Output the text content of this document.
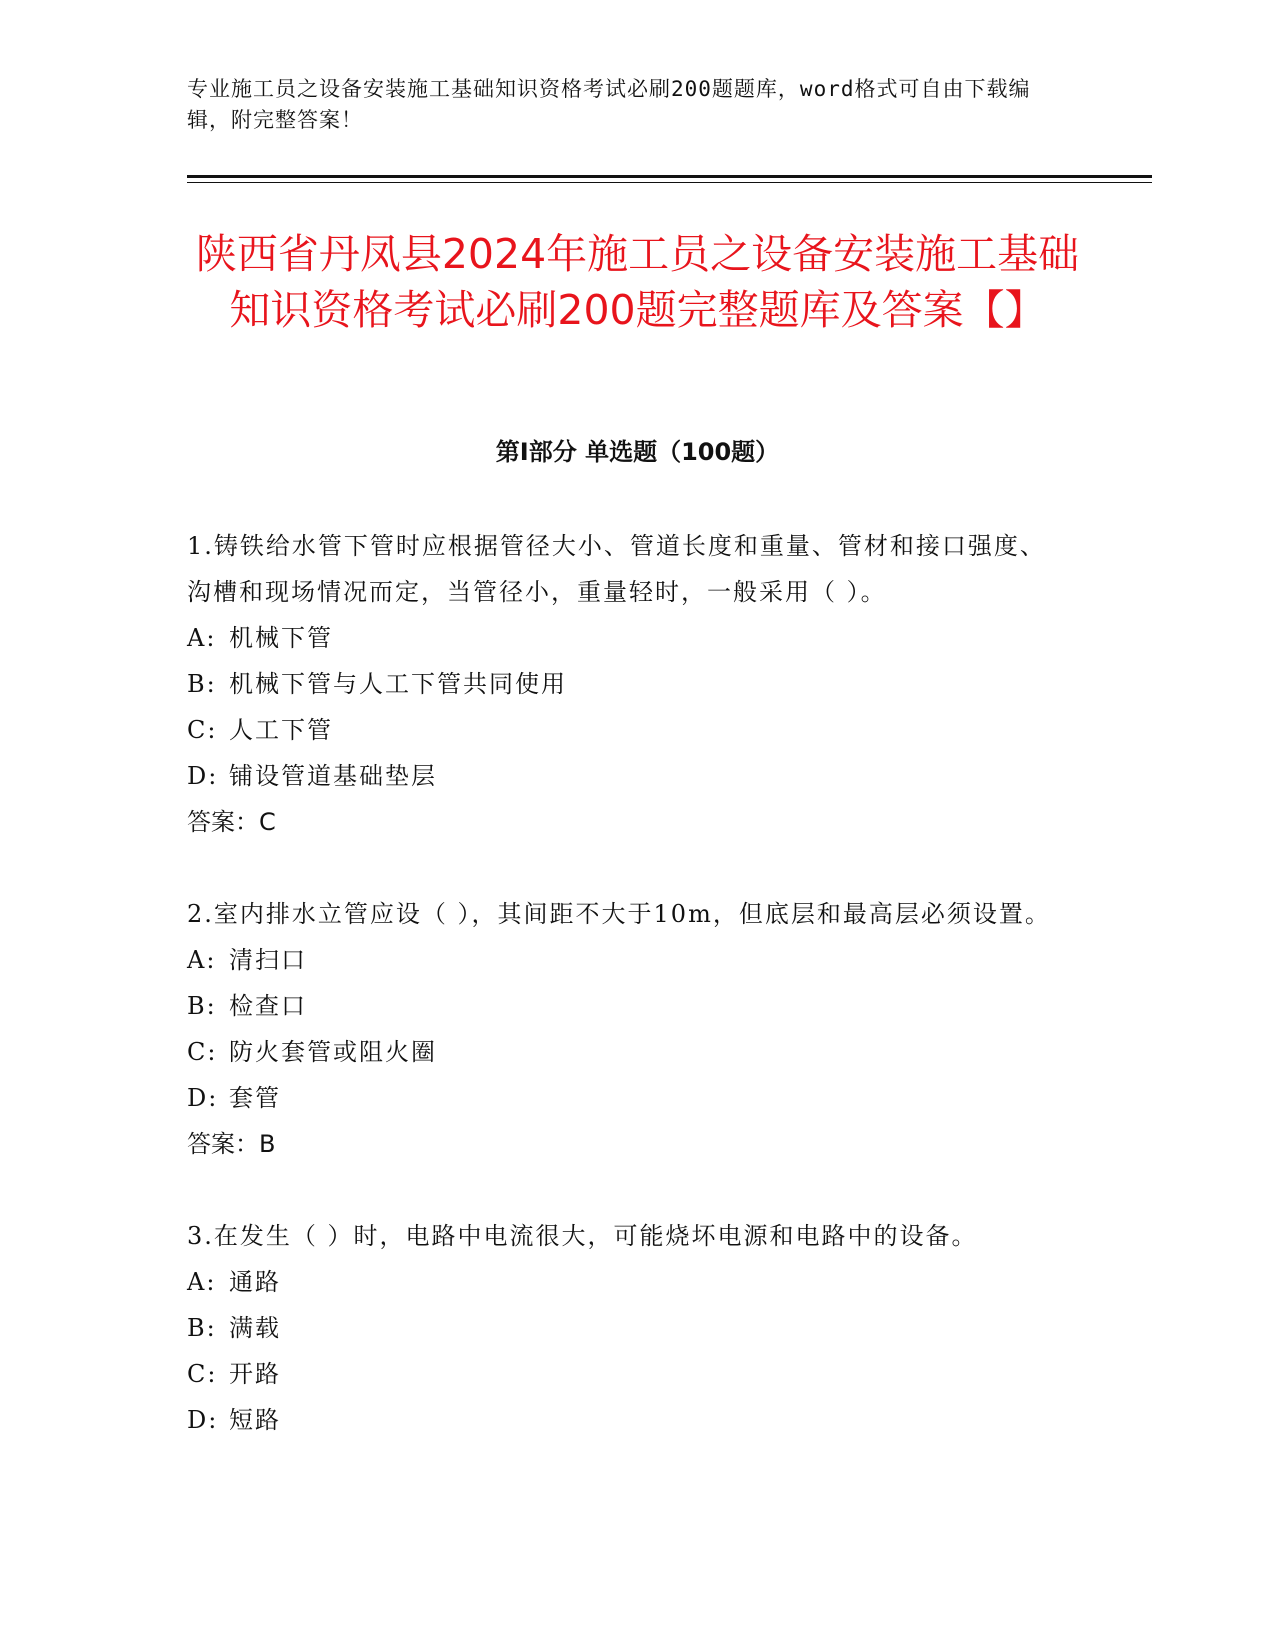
专业施工员之设备安装施工基础知识资格考试必刷200题题库，word格式可自由下载编辑，附完整答案！
陕西省丹凤县2024年施工员之设备安装施工基础知识资格考试必刷200题完整题库及答案【】
第I部分 单选题（100题）
1.铸铁给水管下管时应根据管径大小、管道长度和重量、管材和接口强度、沟槽和现场情况而定，当管径小，重量轻时，一般采用（ ）。
A: 机械下管
B: 机械下管与人工下管共同使用
C: 人工下管
D: 铺设管道基础垫层
答案：C
2.室内排水立管应设（ ），其间距不大于10m，但底层和最高层必须设置。
A: 清扫口
B: 检查口
C: 防火套管或阻火圈
D: 套管
答案：B
3.在发生（ ）时，电路中电流很大，可能烧坏电源和电路中的设备。
A: 通路
B: 满载
C: 开路
D: 短路
